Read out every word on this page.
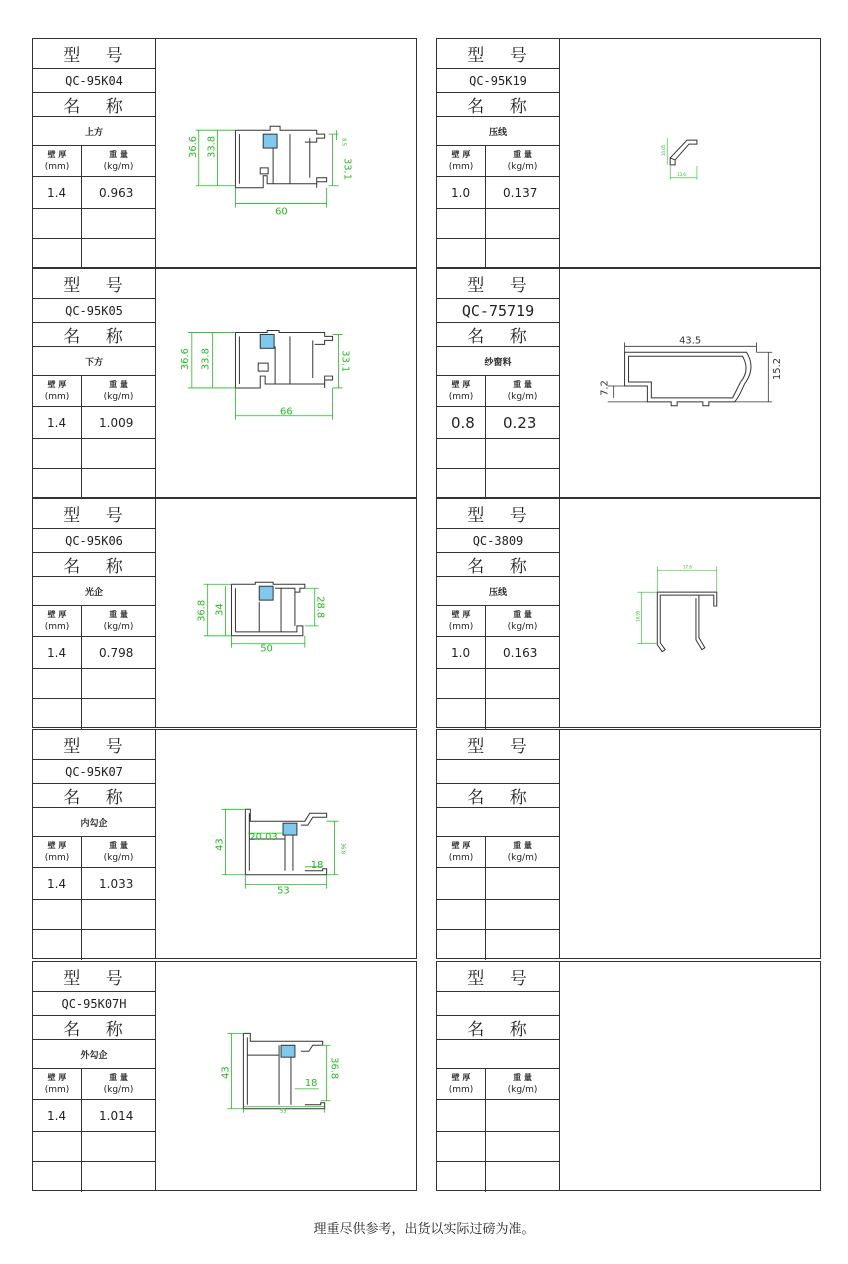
型 号
QC-95K04
名 称
上方
壁 厚
(mm)
重 量
(kg/m)
1.4	0.963
36.6 33.8
33.1
60
8.5
型 号
QC-95K19
名 称
压线
壁 厚
(mm)
重 量
(kg/m)
1.0	0.137
10.05
13.6
型 号
QC-95K05
名 称
下方
壁 厚
(mm)
重 量
(kg/m)
1.4	1.009
36.6 33.8	33.1
66
型 号
QC-75719
名 称
纱窗料
壁 厚
(mm)
重 量
(kg/m)
0.8	0.23
43.5
7.2
15.2
型 号
QC-95K06
名 称
光企
壁 厚
(mm)
重 量
(kg/m)
1.4	0.798
36.8 34	28.8
50
型 号
QC-3809
名 称
压线
壁 厚
(mm)
重 量
(kg/m)
1.0	0.163
17.6
16.95
型 号
QC-95K07
名 称
内勾企
壁 厚
(mm)
重 量
(kg/m)
1.4	1.033
43
20.03
36.8
18
53
型 号
名 称
壁 厚
(mm)
重 量
(kg/m)
型 号
QC-95K07H
名 称
外勾企
壁 厚
(mm)
重 量
(kg/m)
1.4	1.014
43	36.8
18
53
型 号
名 称
壁 厚
(mm)
重 量
(kg/m)
理重尽供参考，出货以实际过磅为准。
